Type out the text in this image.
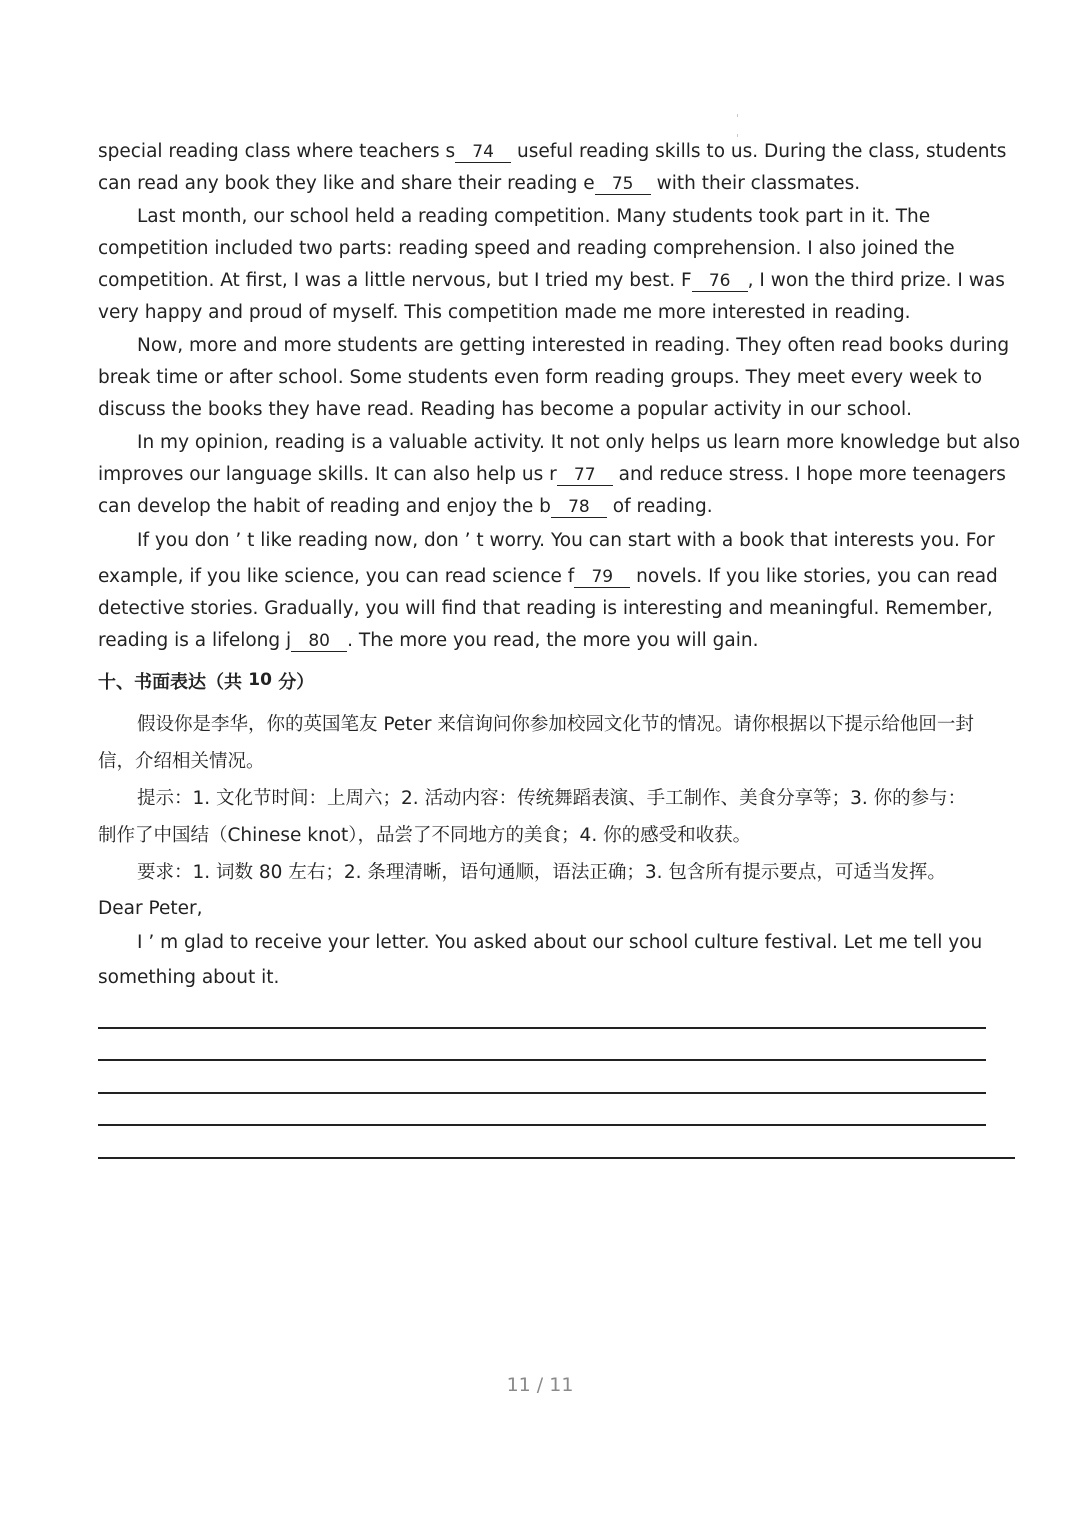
special reading class where teachers s 74 useful reading skills to us. During the class, students
can read any book they like and share their reading e 75 with their classmates.
Last month, our school held a reading competition. Many students took part in it. The
competition included two parts: reading speed and reading comprehension. I also joined the
competition. At first, I was a little nervous, but I tried my best. F 76 , I won the third prize. I was
very happy and proud of myself. This competition made me more interested in reading.
Now, more and more students are getting interested in reading. They often read books during
break time or after school. Some students even form reading groups. They meet every week to
discuss the books they have read. Reading has become a popular activity in our school.
In my opinion, reading is a valuable activity. It not only helps us learn more knowledge but also
improves our language skills. It can also help us r 77 and reduce stress. I hope more teenagers
can develop the habit of reading and enjoy the b 78 of reading.
If you don ’ t like reading now, don ’ t worry. You can start with a book that interests you. For
example, if you like science, you can read science f 79 novels. If you like stories, you can read
detective stories. Gradually, you will find that reading is interesting and meaningful. Remember,
reading is a lifelong j 80 . The more you read, the more you will gain.
十、书面表达（共 10 分）
假设你是李华，你的英国笔友 Peter 来信询问你参加校园文化节的情况。请你根据以下提示给他回一封
信，介绍相关情况。
提示：1. 文化节时间：上周六；2. 活动内容：传统舞蹈表演、手工制作、美食分享等；3. 你的参与：
制作了中国结（Chinese knot），品尝了不同地方的美食；4. 你的感受和收获。
要求：1. 词数 80 左右；2. 条理清晰，语句通顺，语法正确；3. 包含所有提示要点，可适当发挥。
Dear Peter,
I ’ m glad to receive your letter. You asked about our school culture festival. Let me tell you
something about it.
11 / 11
